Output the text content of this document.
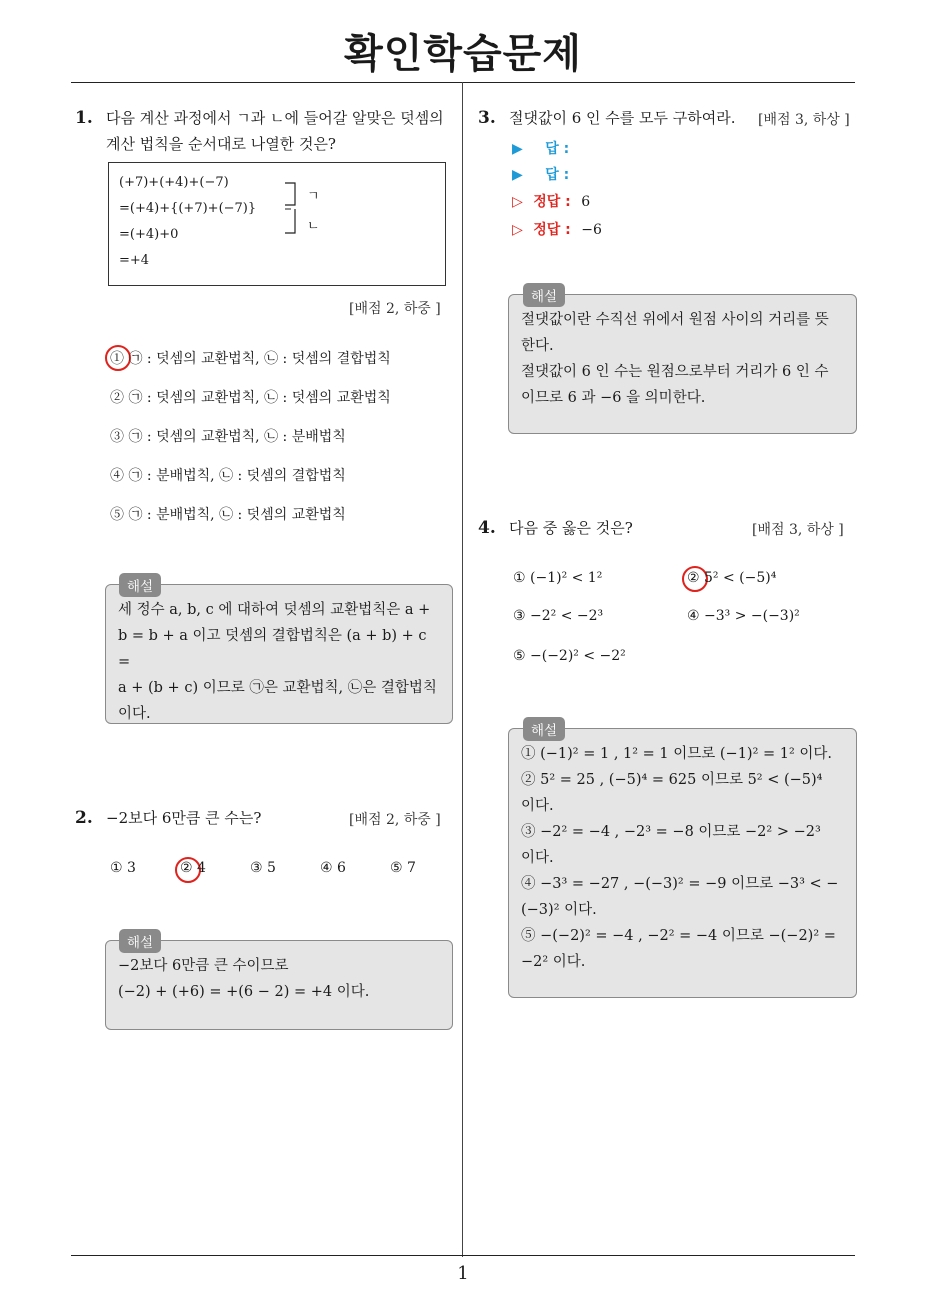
확인학습문제
1. 다음 계산 과정에서 ㄱ과 ㄴ에 들어갈 알맞은 덧셈의
계산 법칙을 순서대로 나열한 것은?
(+7)+(+4)+(−7)
=(+4)+{(+7)+(−7)}
=(+4)+0
=+4
ㄱ
ㄴ
[배점 2, 하중 ]
① ㉠ : 덧셈의 교환법칙, ㉡ : 덧셈의 결합법칙
② ㉠ : 덧셈의 교환법칙, ㉡ : 덧셈의 교환법칙
③ ㉠ : 덧셈의 교환법칙, ㉡ : 분배법칙
④ ㉠ : 분배법칙, ㉡ : 덧셈의 결합법칙
⑤ ㉠ : 분배법칙, ㉡ : 덧셈의 교환법칙
세 정수 a, b, c 에 대하여 덧셈의 교환법칙은 a +
b = b + a 이고 덧셈의 결합법칙은 (a + b) + c =
a + (b + c) 이므로 ㉠은 교환법칙, ㉡은 결합법칙
이다.
해설
2. −2보다 6만큼 큰 수는?	[배점 2, 하중 ]
① 3	② 4	③ 5	④ 6	⑤ 7
−2보다 6만큼 큰 수이므로
(−2) + (+6) = +(6 − 2) = +4 이다.
해설
3. 절댓값이 6 인 수를 모두 구하여라. [배점 3, 하상 ]
▶ 답 :
▶ 답 :
▷ 정답 : 6
▷ 정답 : −6
절댓값이란 수직선 위에서 원점 사이의 거리를 뜻
한다.
절댓값이 6 인 수는 원점으로부터 거리가 6 인 수
이므로 6 과 −6 을 의미한다.
해설
4. 다음 중 옳은 것은?	[배점 3, 하상 ]
① (−1)² < 1²	② 5² < (−5)⁴
③ −2² < −2³	④ −3³ > −(−3)²
⑤ −(−2)² < −2²
① (−1)² = 1 , 1² = 1 이므로 (−1)² = 1² 이다.
② 5² = 25 , (−5)⁴ = 625 이므로 5² < (−5)⁴
이다.
③ −2² = −4 , −2³ = −8 이므로 −2² > −2³
이다.
④ −3³ = −27 , −(−3)² = −9 이므로 −3³ < −
(−3)² 이다.
⑤ −(−2)² = −4 , −2² = −4 이므로 −(−2)² =
−2² 이다.
해설
1
